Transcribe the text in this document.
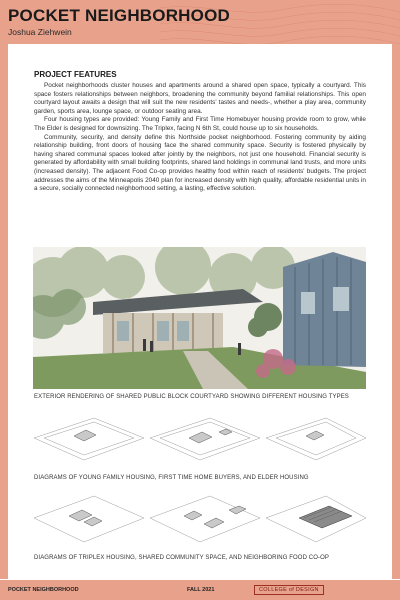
POCKET NEIGHBORHOOD
Joshua Ziehwein
PROJECT FEATURES

Pocket neighborhoods cluster houses and apartments around a shared open space, typically a courtyard. This space fosters relationships between neighbors, broadening the community beyond familial relationships. This open courtyard layout awaits a design that will suit the new residents' tastes and needs-, whether a play area, community garden, sports area, lounge space, or outdoor seating area.

Four housing types are provided: Young Family and First Time Homebuyer housing provide room to grow, while The Elder is designed for downsizing. The Triplex, facing N 6th St, could house up to six households.

Community, security, and density define this Northside pocket neighborhood. Fostering community by aiding relationship building, front doors of housing face the shared community space. Security is fostered physically by having shared communal spaces looked after jointly by the neighbors, not just one household. Financial security is generated by affordability with small building footprints, shared land holdings in communal land trusts, and more units (increased density). The adjacent Food Co-op provides healthy food within reach of residents' budgets. The project addresses the aims of the Minneapolis 2040 plan for increased density with high quality, affordable residential units in a secure, socially connected neighborhood setting, a lasting, effective solution.

EXTERIOR RENDERING OF SHARED PUBLIC BLOCK COURTYARD SHOWING DIFFERENT HOUSING TYPES
DIAGRAMS OF YOUNG FAMILY HOUSING, FIRST TIME HOME BUYERS, AND ELDER HOUSING
DIAGRAMS OF TRIPLEX HOUSING, SHARED COMMUNITY SPACE, AND NEIGHBORING FOOD CO-OP
POCKET NEIGHBORHOOD	FALL 2021	COLLEGE of DESIGN
